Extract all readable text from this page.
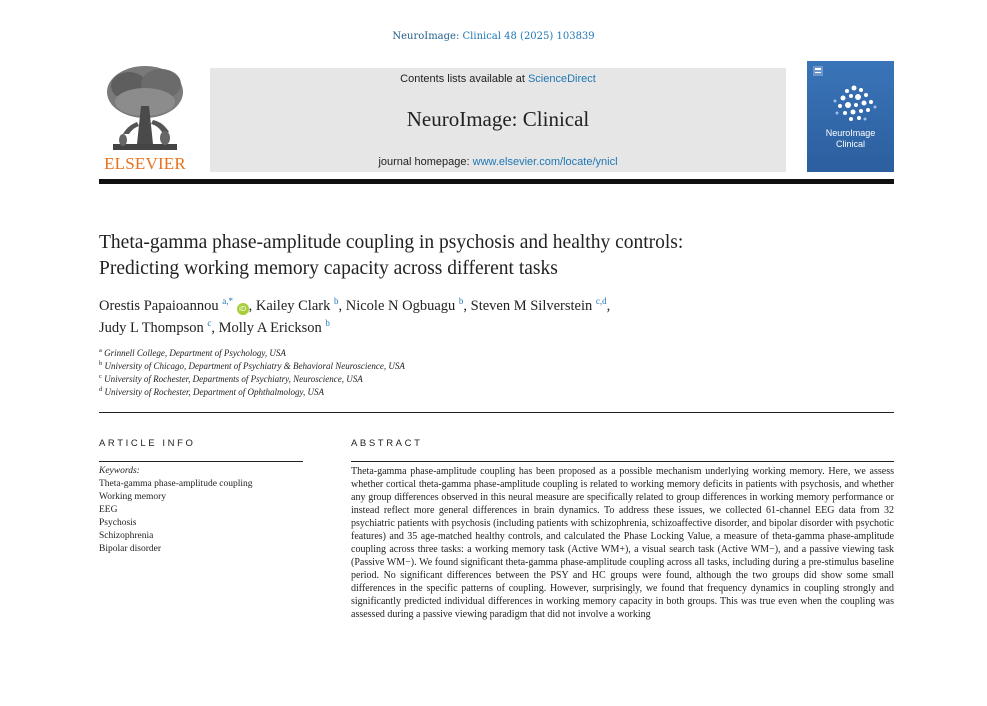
NeuroImage: Clinical 48 (2025) 103839
ELSEVIER
Contents lists available at ScienceDirect
NeuroImage: Clinical
journal homepage: www.elsevier.com/locate/ynicl
NeuroImage
Clinical
Theta-gamma phase-amplitude coupling in psychosis and healthy controls:
Predicting working memory capacity across different tasks
Orestis Papaioannou $^{a,*}$ iD , Kailey Clark $^b$, Nicole N Ogbuagu $^b$, Steven M Silverstein $^{c,d}$,
Judy L Thompson $^c$, Molly A Erickson $^b$
$^a$ Grinnell College, Department of Psychology, USA
$^b$ University of Chicago, Department of Psychiatry & Behavioral Neuroscience, USA
$^c$ University of Rochester, Departments of Psychiatry, Neuroscience, USA
$^d$ University of Rochester, Department of Ophthalmology, USA
ARTICLE INFO	ABSTRACT
Keywords:
Theta-gamma phase-amplitude coupling
Working memory
EEG
Psychosis
Schizophrenia
Bipolar disorder

Theta-gamma phase-amplitude coupling has been proposed as a possible mechanism underlying working memory. Here, we assess whether cortical theta-gamma phase-amplitude coupling is related to working memory deficits in patients with psychosis, and whether any group differences observed in this neural measure are specifically related to group differences in working memory performance or instead reflect more general differences in brain dynamics. To address these issues, we collected 61-channel EEG data from 32 psychiatric patients with psychosis (including patients with schizophrenia, schizoaffective disorder, and bipolar disorder with psychotic features) and 35 age-matched healthy controls, and calculated the Phase Locking Value, a measure of theta-gamma phase-amplitude coupling across three tasks: a working memory task (Active WM+), a visual search task (Active WM−), and a passive viewing task (Passive WM−). We found significant theta-gamma phase-amplitude coupling across all tasks, including during a pre-stimulus baseline period. No significant differences between the PSY and HC groups were found, although the two groups did show some small differences in the specific patterns of coupling. However, surprisingly, we found that frequency dynamics in coupling strongly and significantly predicted individual differences in working memory capacity in both groups. This was true even when the coupling was assessed during a passive viewing paradigm that did not involve a working
